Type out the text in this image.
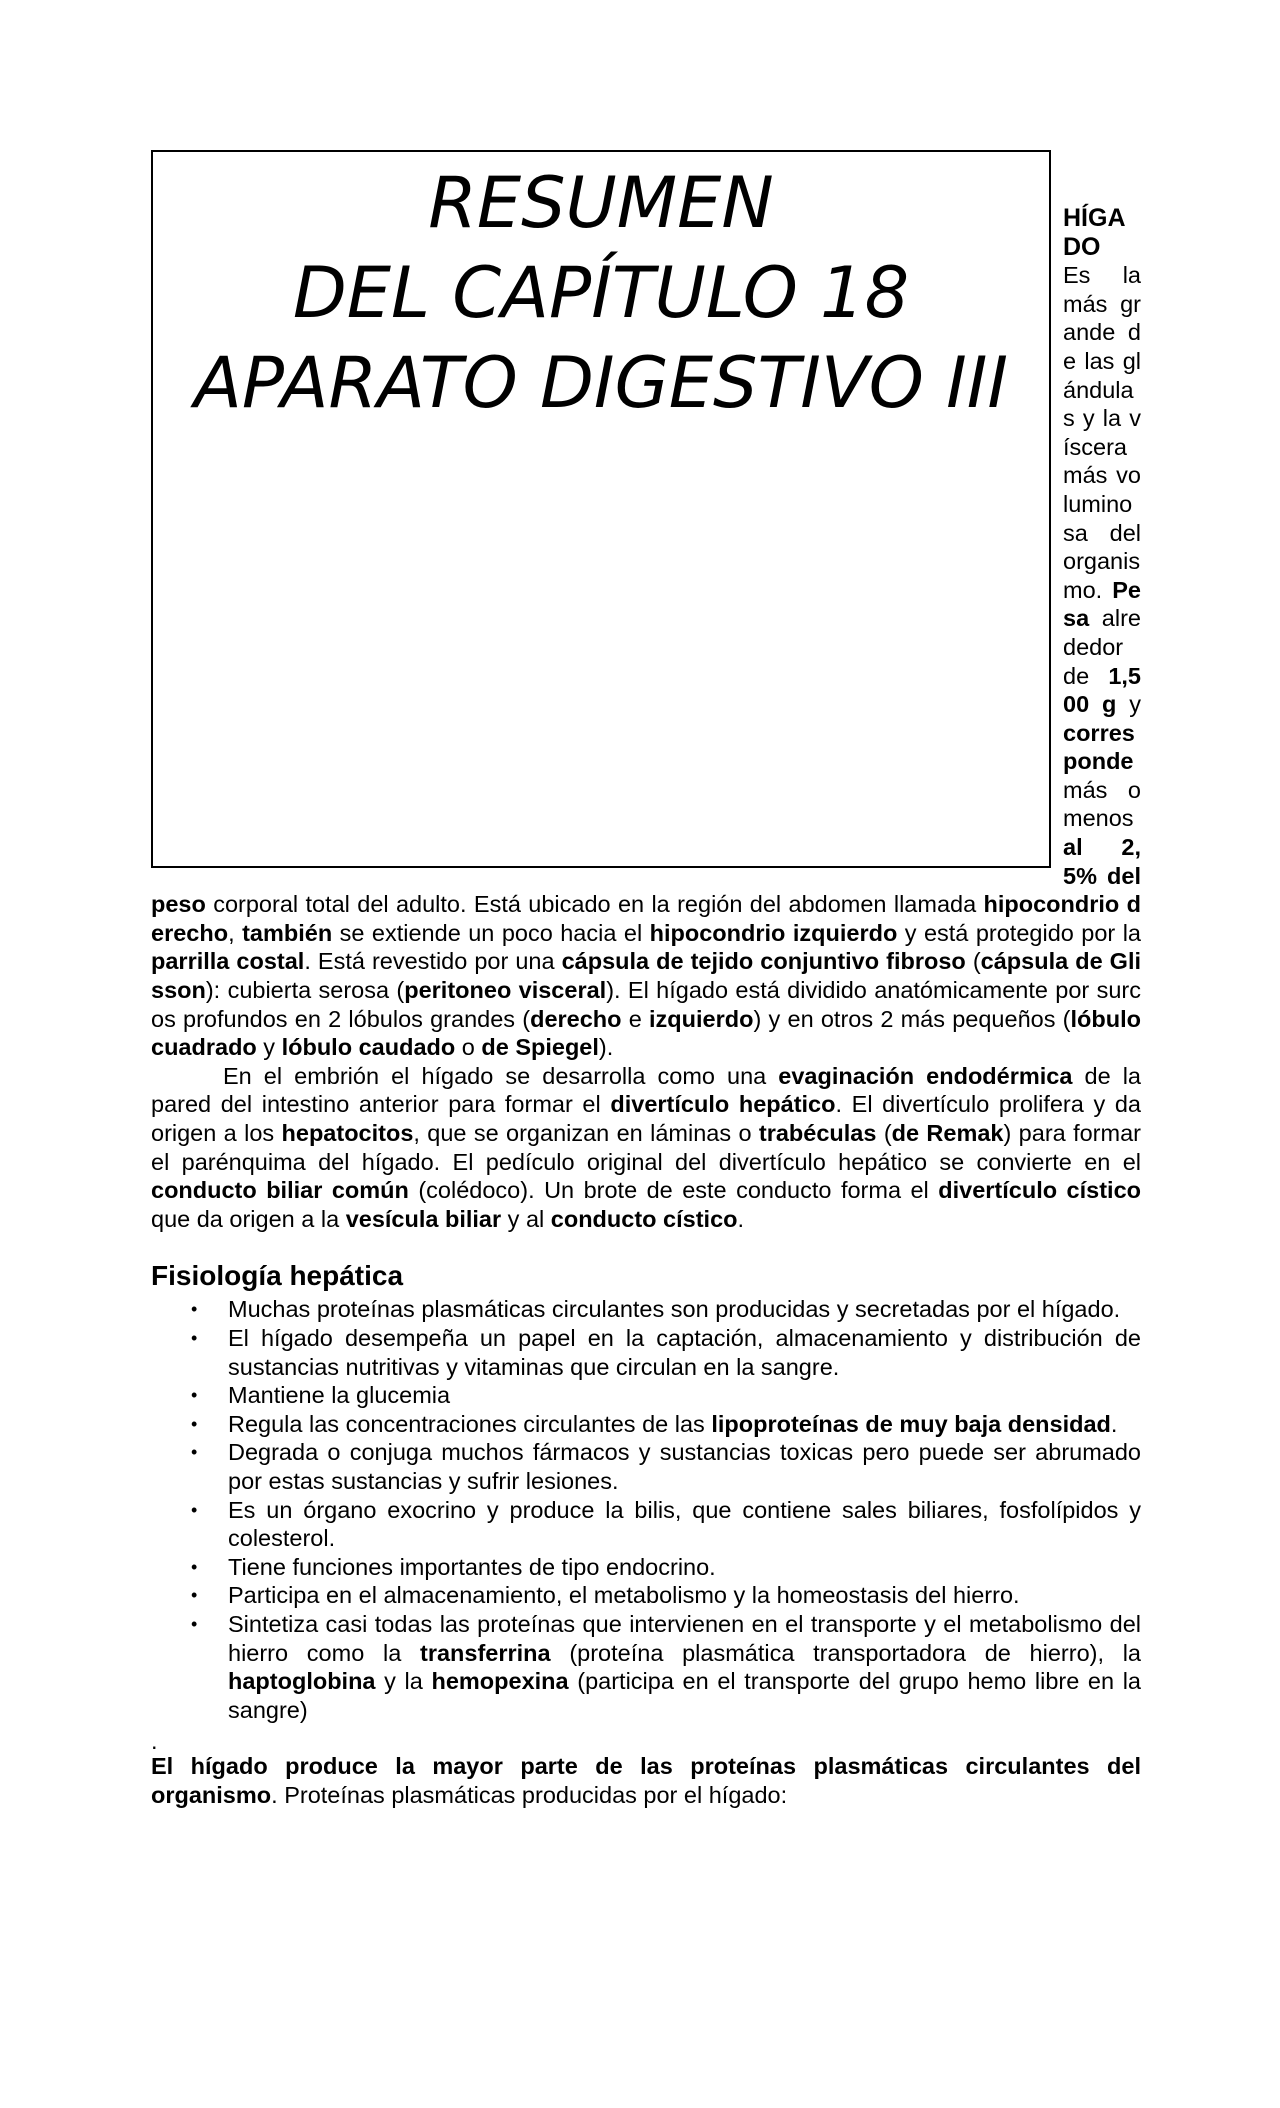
RESUMEN
DEL CAPÍTULO 18
APARATO DIGESTIVO III
HÍGADO

Es la más grande de las glándulas y la víscera más voluminosa del organismo. Pesa alrededor de 1,500 g y corresponde más o menos al 2,5% del peso corporal total del adulto. Está ubicado en la región del abdomen llamada hipocondrio derecho, también se extiende un poco hacia el hipocondrio izquierdo y está protegido por la parrilla costal. Está revestido por una cápsula de tejido conjuntivo fibroso (cápsula de Glisson): cubierta serosa (peritoneo visceral). El hígado está dividido anatómicamente por surcos profundos en 2 lóbulos grandes (derecho e izquierdo) y en otros 2 más pequeños (lóbulo cuadrado y lóbulo caudado o de Spiegel).

En el embrión el hígado se desarrolla como una evaginación endodérmica de la pared del intestino anterior para formar el divertículo hepático. El divertículo prolifera y da origen a los hepatocitos, que se organizan en láminas o trabéculas (de Remak) para formar el parénquima del hígado. El pedículo original del divertículo hepático se convierte en el conducto biliar común (colédoco). Un brote de este conducto forma el divertículo cístico que da origen a la vesícula biliar y al conducto cístico.

Fisiología hepática
• Muchas proteínas plasmáticas circulantes son producidas y secretadas por el hígado.
• El hígado desempeña un papel en la captación, almacenamiento y distribución de sustancias nutritivas y vitaminas que circulan en la sangre.
• Mantiene la glucemia
• Regula las concentraciones circulantes de las lipoproteínas de muy baja densidad.
• Degrada o conjuga muchos fármacos y sustancias toxicas pero puede ser abrumado por estas sustancias y sufrir lesiones.
• Es un órgano exocrino y produce la bilis, que contiene sales biliares, fosfolípidos y colesterol.
• Tiene funciones importantes de tipo endocrino.
• Participa en el almacenamiento, el metabolismo y la homeostasis del hierro.
• Sintetiza casi todas las proteínas que intervienen en el transporte y el metabolismo del hierro como la transferrina (proteína plasmática transportadora de hierro), la haptoglobina y la hemopexina (participa en el transporte del grupo hemo libre en la sangre)
.

El hígado produce la mayor parte de las proteínas plasmáticas circulantes del organismo. Proteínas plasmáticas producidas por el hígado:
